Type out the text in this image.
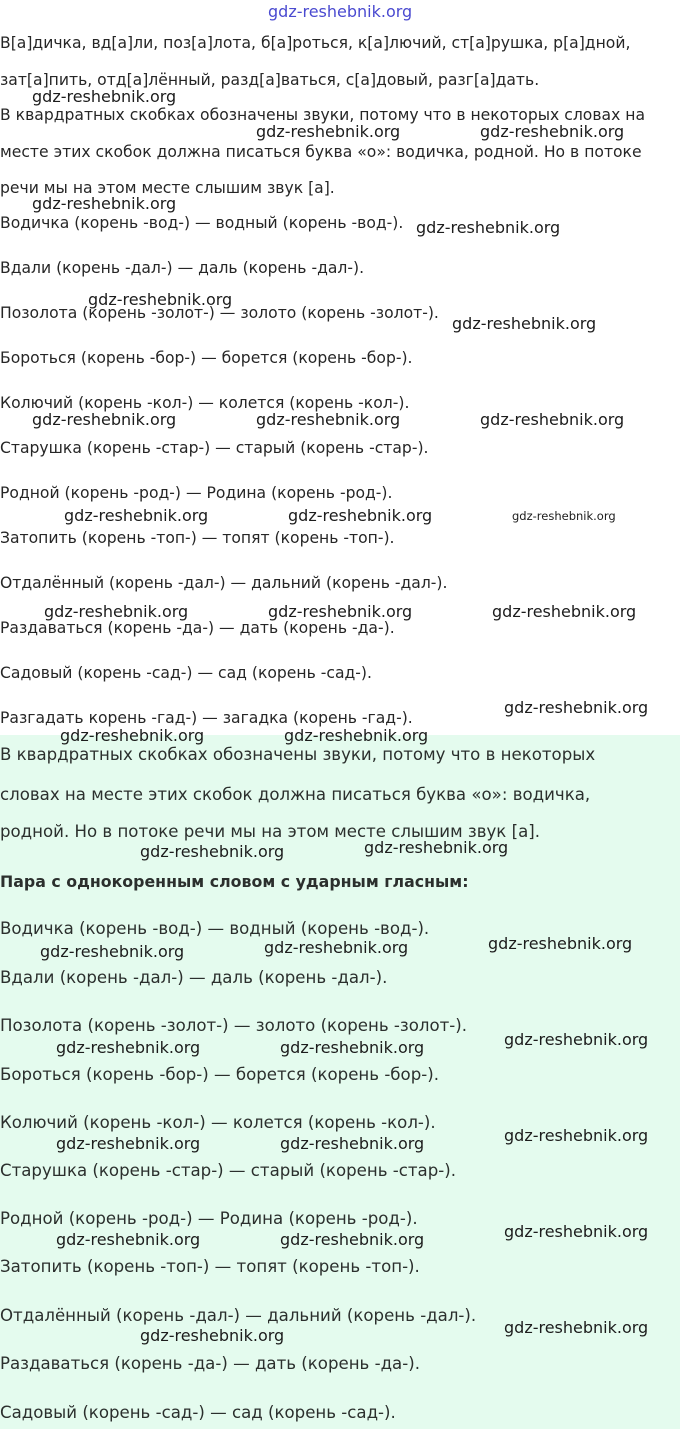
В[а]дичка, вд[а]ли, поз[а]лота, б[а]роться, к[а]лючий, ст[а]рушка, р[а]дной,
зат[а]пить, отд[а]лённый, разд[а]ваться, с[а]довый, разг[а]дать.
В квардратных скобках обозначены звуки, потому что в некоторых словах на
месте этих скобок должна писаться буква «о»: водичка, родной. Но в потоке
речи мы на этом месте слышим звук [а].
Водичка (корень -вод-) — водный (корень -вод-).
Вдали (корень -дал-) — даль (корень -дал-).
Позолота (корень -золот-) — золото (корень -золот-).
Бороться (корень -бор-) — борется (корень -бор-).
Колючий (корень -кол-) — колется (корень -кол-).
Старушка (корень -стар-) — старый (корень -стар-).
Родной (корень -род-) — Родина (корень -род-).
Затопить (корень -топ-) — топят (корень -топ-).
Отдалённый (корень -дал-) — дальний (корень -дал-).
Раздаваться (корень -да-) — дать (корень -да-).
Садовый (корень -сад-) — сад (корень -сад-).
Разгадать корень -гад-) — загадка (корень -гад-).
В квардратных скобках обозначены звуки, потому что в некоторых
словах на месте этих скобок должна писаться буква «о»: водичка,
родной. Но в потоке речи мы на этом месте слышим звук [а].
Пара с однокоренным словом с ударным гласным:
Водичка (корень -вод-) — водный (корень -вод-).
Вдали (корень -дал-) — даль (корень -дал-).
Позолота (корень -золот-) — золото (корень -золот-).
Бороться (корень -бор-) — борется (корень -бор-).
Колючий (корень -кол-) — колется (корень -кол-).
Старушка (корень -стар-) — старый (корень -стар-).
Родной (корень -род-) — Родина (корень -род-).
Затопить (корень -топ-) — топят (корень -топ-).
Отдалённый (корень -дал-) — дальний (корень -дал-).
Раздаваться (корень -да-) — дать (корень -да-).
Садовый (корень -сад-) — сад (корень -сад-).
gdz-reshebnik.org
gdz-reshebnik.org
gdz-reshebnik.org	gdz-reshebnik.org
gdz-reshebnik.org
gdz-reshebnik.org
gdz-reshebnik.org
gdz-reshebnik.org
gdz-reshebnik.org	gdz-reshebnik.org	gdz-reshebnik.org
gdz-reshebnik.org	gdz-reshebnik.org	gdz-reshebnik.org
gdz-reshebnik.org	gdz-reshebnik.org	gdz-reshebnik.org
gdz-reshebnik.org
gdz-reshebnik.org	gdz-reshebnik.org
gdz-reshebnik.org
gdz-reshebnik.org
gdz-reshebnik.org
gdz-reshebnik.org
gdz-reshebnik.org
gdz-reshebnik.org
gdz-reshebnik.org	gdz-reshebnik.org
gdz-reshebnik.org
gdz-reshebnik.org	gdz-reshebnik.org
gdz-reshebnik.org
gdz-reshebnik.org	gdz-reshebnik.org
gdz-reshebnik.org
gdz-reshebnik.org
